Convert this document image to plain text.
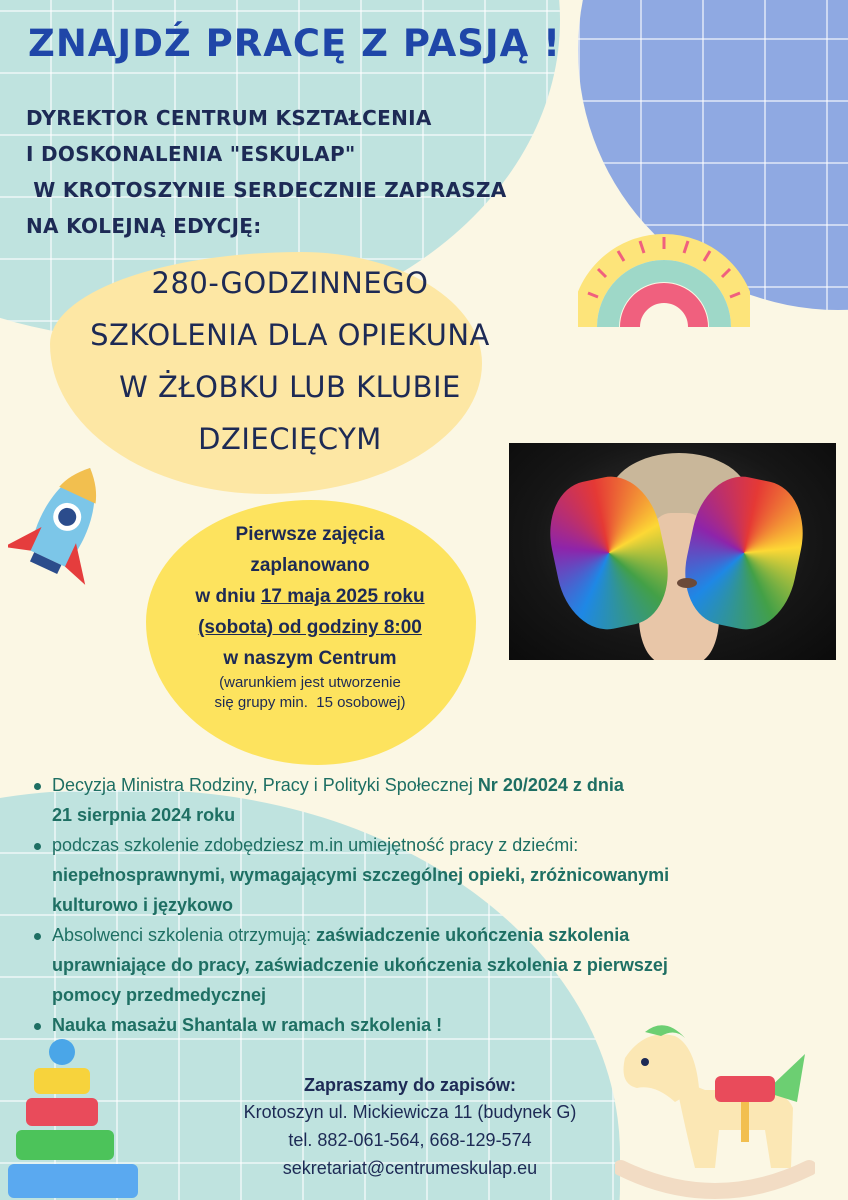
ZNAJDŹ PRACĘ Z PASJĄ !
DYREKTOR CENTRUM KSZTAŁCENIA
I DOSKONALENIA "ESKULAP"
W KROTOSZYNIE SERDECZNIE ZAPRASZA
NA KOLEJNĄ EDYCJĘ:
280-GODZINNEGO
SZKOLENIA DLA OPIEKUNA
W ŻŁOBKU LUB KLUBIE
DZIECIĘCYM
Pierwsze zajęcia
zaplanowano
w dniu 17 maja 2025 roku
(sobota) od godziny 8:00
w naszym Centrum
(warunkiem jest utworzenie
się grupy min.  15 osobowej)
Decyzja Ministra Rodziny, Pracy i Polityki Społecznej Nr 20/2024 z dnia
21 sierpnia 2024 roku
podczas szkolenie zdobędziesz m.in umiejętność pracy z dziećmi:
niepełnosprawnymi, wymagającymi szczególnej opieki, zróżnicowanymi
kulturowo i językowo
Absolwenci szkolenia otrzymują: zaświadczenie ukończenia szkolenia
uprawniające do pracy, zaświadczenie ukończenia szkolenia z pierwszej
pomocy przedmedycznej
Nauka masażu Shantala w ramach szkolenia !
Zapraszamy do zapisów:
Krotoszyn ul. Mickiewicza 11 (budynek G)
tel. 882-061-564, 668-129-574
sekretariat@centrumeskulap.eu
